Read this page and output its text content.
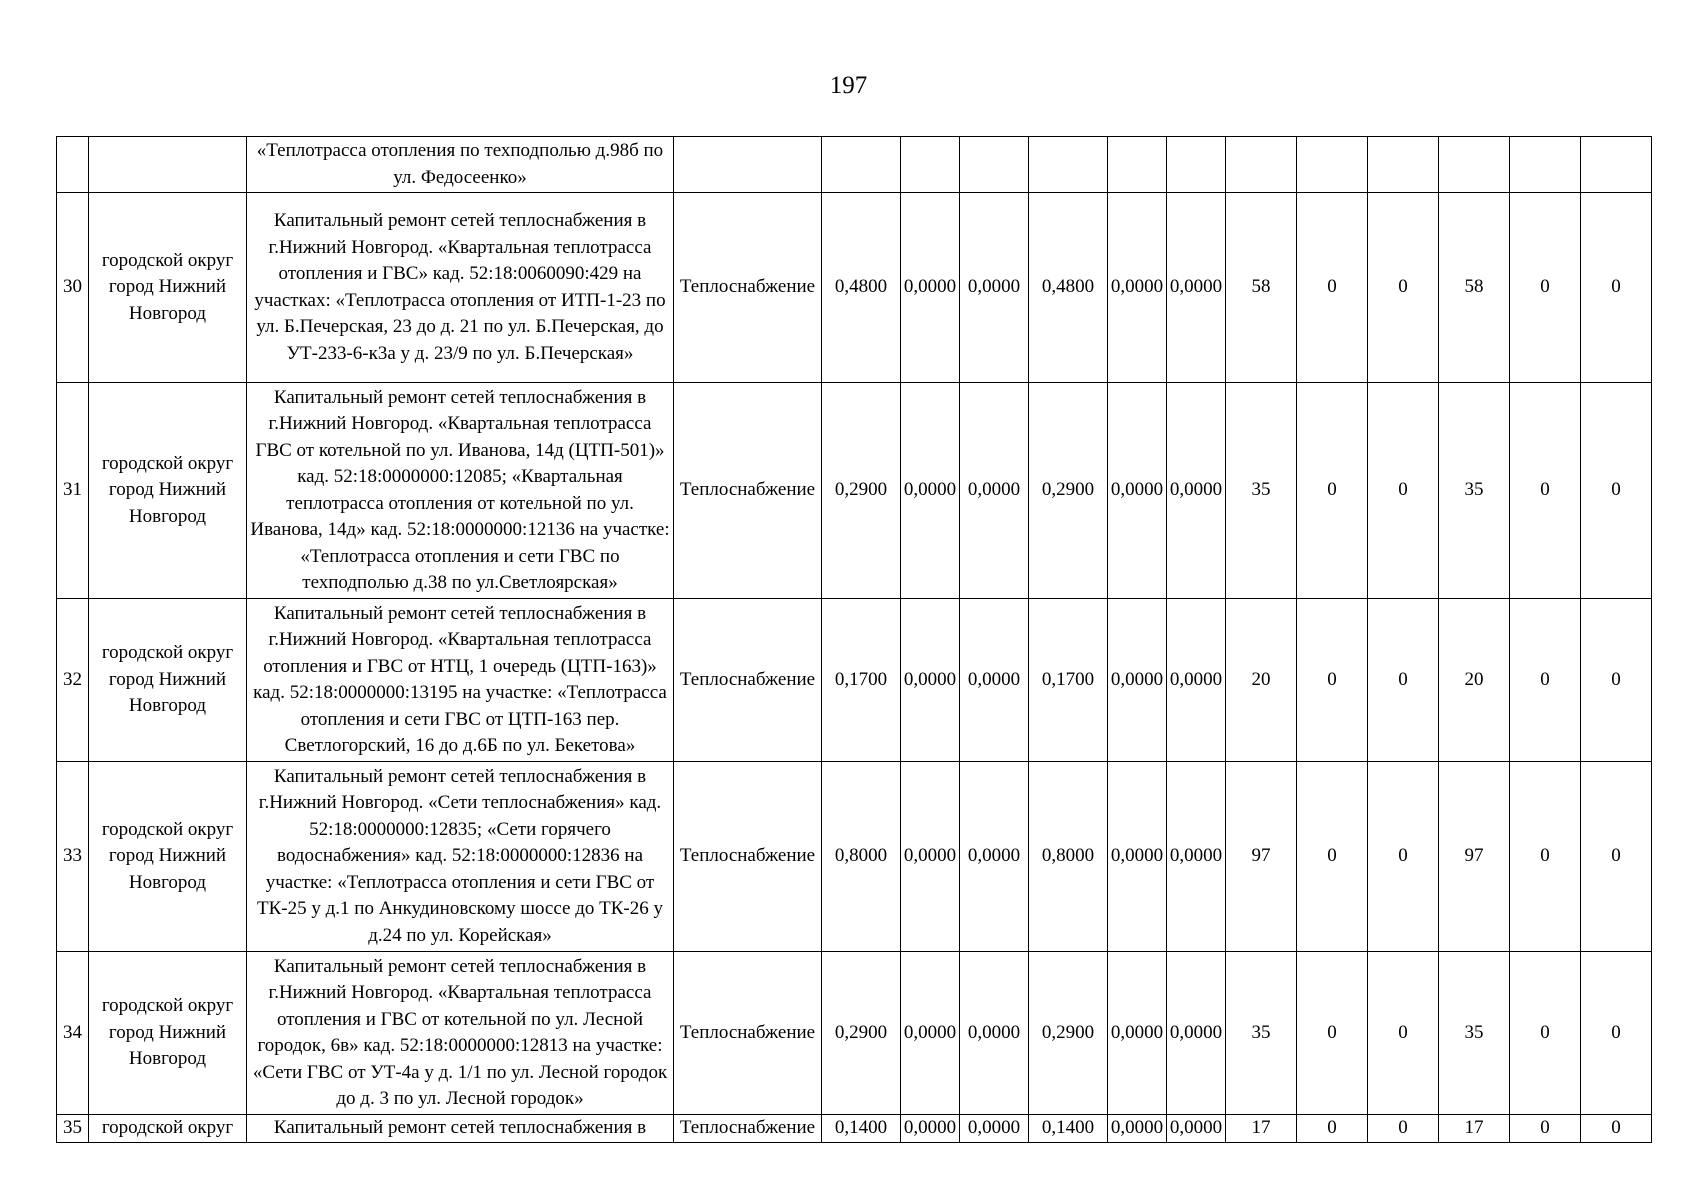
197
		«Теплотрасса отопления по техподполью д.98б по ул. Федосеенко»													
30	городской округ город Нижний Новгород	Капитальный ремонт сетей теплоснабжения в г.Нижний Новгород. «Квартальная теплотрасса отопления и ГВС» кад. 52:18:0060090:429 на участках: «Теплотрасса отопления от ИТП-1-23 по ул. Б.Печерская, 23 до д. 21 по ул. Б.Печерская, до УТ-233-6-к3а у д. 23/9 по ул. Б.Печерская»	Теплоснабжение	0,4800	0,0000	0,0000	0,4800	0,0000	0,0000	58	0	0	58	0	0
31	городской округ город Нижний Новгород	Капитальный ремонт сетей теплоснабжения в г.Нижний Новгород. «Квартальная теплотрасса ГВС от котельной по ул. Иванова, 14д (ЦТП-501)» кад. 52:18:0000000:12085; «Квартальная теплотрасса отопления от котельной по ул. Иванова, 14д» кад. 52:18:0000000:12136 на участке: «Теплотрасса отопления и сети ГВС по техподполью д.38 по ул.Светлоярская»	Теплоснабжение	0,2900	0,0000	0,0000	0,2900	0,0000	0,0000	35	0	0	35	0	0
32	городской округ город Нижний Новгород	Капитальный ремонт сетей теплоснабжения в г.Нижний Новгород. «Квартальная теплотрасса отопления и ГВС от НТЦ, 1 очередь (ЦТП-163)» кад. 52:18:0000000:13195 на участке: «Теплотрасса отопления и сети ГВС от ЦТП-163 пер. Светлогорский, 16 до д.6Б по ул. Бекетова»	Теплоснабжение	0,1700	0,0000	0,0000	0,1700	0,0000	0,0000	20	0	0	20	0	0
33	городской округ город Нижний Новгород	Капитальный ремонт сетей теплоснабжения в г.Нижний Новгород. «Сети теплоснабжения» кад. 52:18:0000000:12835; «Сети горячего водоснабжения» кад. 52:18:0000000:12836 на участке: «Теплотрасса отопления и сети ГВС от ТК-25 у д.1 по Анкудиновскому шоссе до ТК-26 у д.24 по ул. Корейская»	Теплоснабжение	0,8000	0,0000	0,0000	0,8000	0,0000	0,0000	97	0	0	97	0	0
34	городской округ город Нижний Новгород	Капитальный ремонт сетей теплоснабжения в г.Нижний Новгород. «Квартальная теплотрасса отопления и ГВС от котельной по ул. Лесной городок, 6в» кад. 52:18:0000000:12813 на участке: «Сети ГВС от УТ-4а у д. 1/1 по ул. Лесной городок до д. 3 по ул. Лесной городок»	Теплоснабжение	0,2900	0,0000	0,0000	0,2900	0,0000	0,0000	35	0	0	35	0	0
35	городской округ	Капитальный ремонт сетей теплоснабжения в	Теплоснабжение	0,1400	0,0000	0,0000	0,1400	0,0000	0,0000	17	0	0	17	0	0
